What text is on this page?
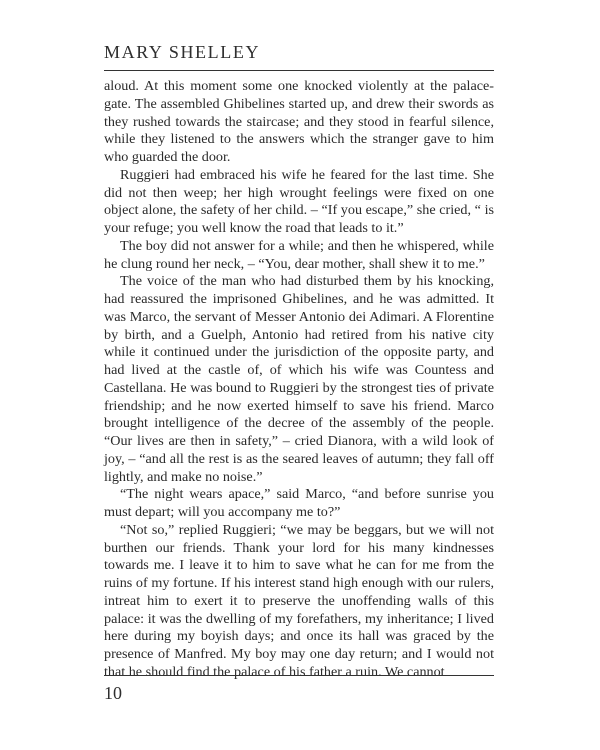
MARY SHELLEY

aloud. At this moment some one knocked violently at the palace-gate. The assembled Ghibelines started up, and drew their swords as they rushed towards the staircase; and they stood in fearful silence, while they listened to the answers which the stranger gave to him who guarded the door.

Ruggieri had embraced his wife he feared for the last time. She did not then weep; her high wrought feelings were fixed on one object alone, the safety of her child. – “If you escape,” she cried, “ is your refuge; you well know the road that leads to it.”

The boy did not answer for a while; and then he whispered, while he clung round her neck, – “You, dear mother, shall shew it to me.”

The voice of the man who had disturbed them by his knocking, had reassured the imprisoned Ghibelines, and he was admitted. It was Marco, the servant of Messer Antonio dei Adimari. A Florentine by birth, and a Guelph, Antonio had retired from his native city while it continued under the jurisdiction of the opposite party, and had lived at the castle of, of which his wife was Countess and Castellana. He was bound to Ruggieri by the strongest ties of private friendship; and he now exerted himself to save his friend. Marco brought intelligence of the decree of the assembly of the people. “Our lives are then in safety,” – cried Dianora, with a wild look of joy, – “and all the rest is as the seared leaves of autumn; they fall off lightly, and make no noise.”

“The night wears apace,” said Marco, “and before sunrise you must depart; will you accompany me to?”

“Not so,” replied Ruggieri; “we may be beggars, but we will not burthen our friends. Thank your lord for his many kindnesses towards me. I leave it to him to save what he can for me from the ruins of my fortune. If his interest stand high enough with our rulers, intreat him to exert it to preserve the unoffending walls of this palace: it was the dwelling of my forefathers, my inheritance; I lived here during my boyish days; and once its hall was graced by the presence of Manfred. My boy may one day return; and I would not that he should find the palace of his father a ruin. We cannot

10
